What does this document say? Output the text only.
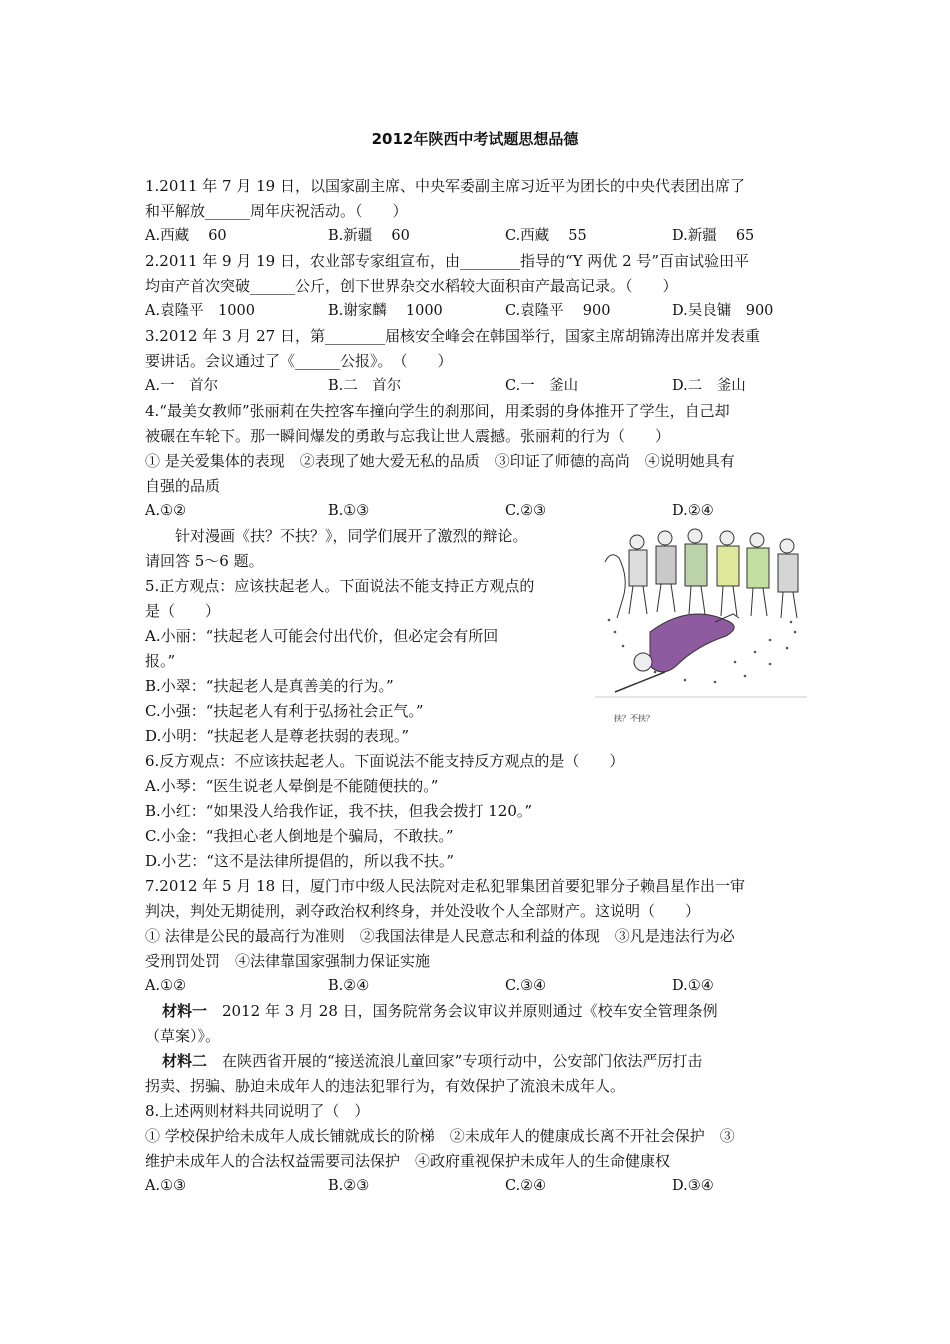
2012年陕西中考试题思想品德
1.2011 年 7 月 19 日，以国家副主席、中央军委副主席习近平为团长的中央代表团出席了
和平解放______周年庆祝活动。（　　）
A.西藏　 60	B.新疆　 60	C.西藏　 55	D.新疆　 65
2.2011 年 9 月 19 日，农业部专家组宣布，由________指导的“Y 两优 2 号”百亩试验田平
均亩产首次突破______公斤，创下世界杂交水稻较大面积亩产最高记录。（　　）
A.袁隆平　1000	B.谢家麟　 1000	C.袁隆平　 900	D.吴良镛　900
3.2012 年 3 月 27 日，第________届核安全峰会在韩国举行，国家主席胡锦涛出席并发表重
要讲话。会议通过了《______公报》。　（　　）
A.一　首尔	B.二　首尔	C.一　釜山	D.二　釜山
4.“最美女教师”张丽莉在失控客车撞向学生的刹那间，用柔弱的身体推开了学生，自己却
被碾在车轮下。那一瞬间爆发的勇敢与忘我让世人震撼。张丽莉的行为（　　）
① 是关爱集体的表现　②表现了她大爱无私的品质　③印证了师德的高尚　④说明她具有
自强的品质
A.①②	B.①③	C.②③	D.②④
　针对漫画《扶？不扶？》，同学们展开了激烈的辩论。
请回答 5～6 题。
扶？不扶？
5.正方观点：应该扶起老人。下面说法不能支持正方观点的
是（　　）
A.小丽：“扶起老人可能会付出代价，但必定会有所回
报。”
B.小翠：“扶起老人是真善美的行为。”
C.小强：“扶起老人有利于弘扬社会正气。”
D.小明：“扶起老人是尊老扶弱的表现。”
6.反方观点：不应该扶起老人。下面说法不能支持反方观点的是（　　）
A.小琴：“医生说老人晕倒是不能随便扶的。”
B.小红：“如果没人给我作证，我不扶，但我会拨打 120。”
C.小金：“我担心老人倒地是个骗局，不敢扶。”
D.小艺：“这不是法律所提倡的，所以我不扶。”
7.2012 年 5 月 18 日，厦门市中级人民法院对走私犯罪集团首要犯罪分子赖昌星作出一审
判决，判处无期徒刑，剥夺政治权利终身，并处没收个人全部财产。这说明（　　）
① 法律是公民的最高行为准则　②我国法律是人民意志和利益的体现　③凡是违法行为必
受刑罚处罚　④法律靠国家强制力保证实施
A.①②	B.②④	C.③④	D.①④
材料一　2012 年 3 月 28 日，国务院常务会议审议并原则通过《校车安全管理条例
（草案）》。
材料二　在陕西省开展的“接送流浪儿童回家”专项行动中，公安部门依法严厉打击
拐卖、拐骗、胁迫未成年人的违法犯罪行为，有效保护了流浪未成年人。
8.上述两则材料共同说明了（　）
① 学校保护给未成年人成长铺就成长的阶梯　②未成年人的健康成长离不开社会保护　③
维护未成年人的合法权益需要司法保护　④政府重视保护未成年人的生命健康权
A.①③	B.②③	C.②④	D.③④
